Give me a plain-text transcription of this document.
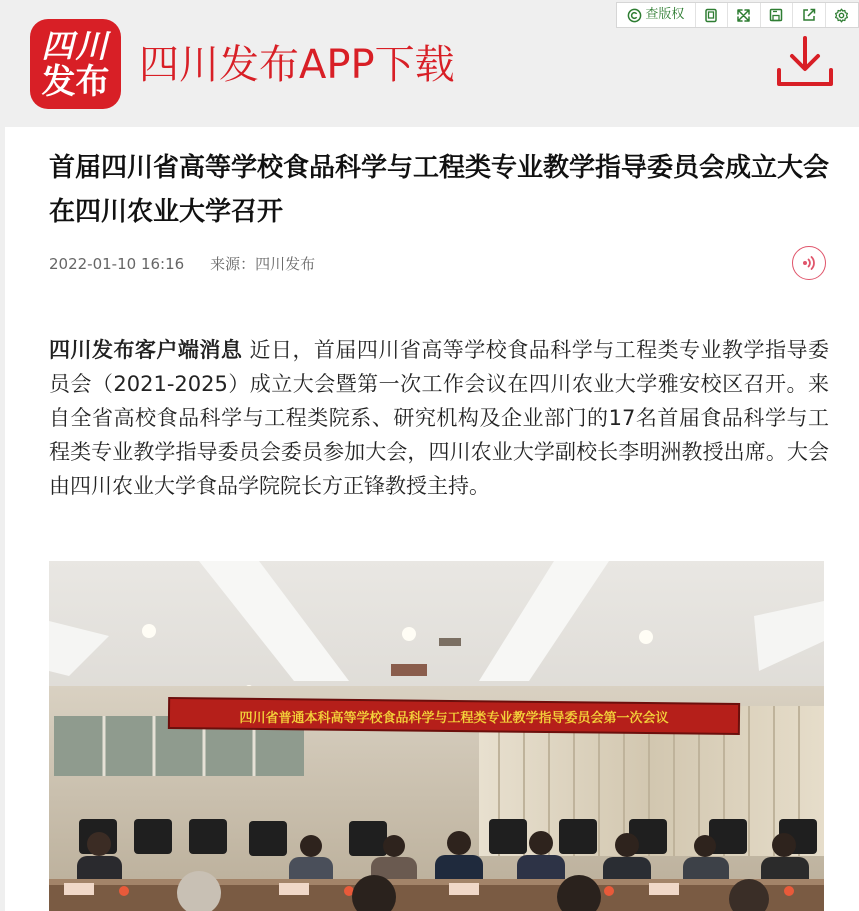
四川
发布 四川发布APP下载
查版权
首届四川省高等学校食品科学与工程类专业教学指导委员会成立大会在四川农业大学召开
2022-01-10 16:16 来源：四川发布

四川发布客户端消息 近日，首届四川省高等学校食品科学与工程类专业教学指导委员会（2021-2025）成立大会暨第一次工作会议在四川农业大学雅安校区召开。来自全省高校食品科学与工程类院系、研究机构及企业部门的17名首届食品科学与工程类专业教学指导委员会委员参加大会，四川农业大学副校长李明洲教授出席。大会由四川农业大学食品学院院长方正锋教授主持。

四川省普通本科高等学校食品科学与工程类专业教学指导委员会第一次会议
